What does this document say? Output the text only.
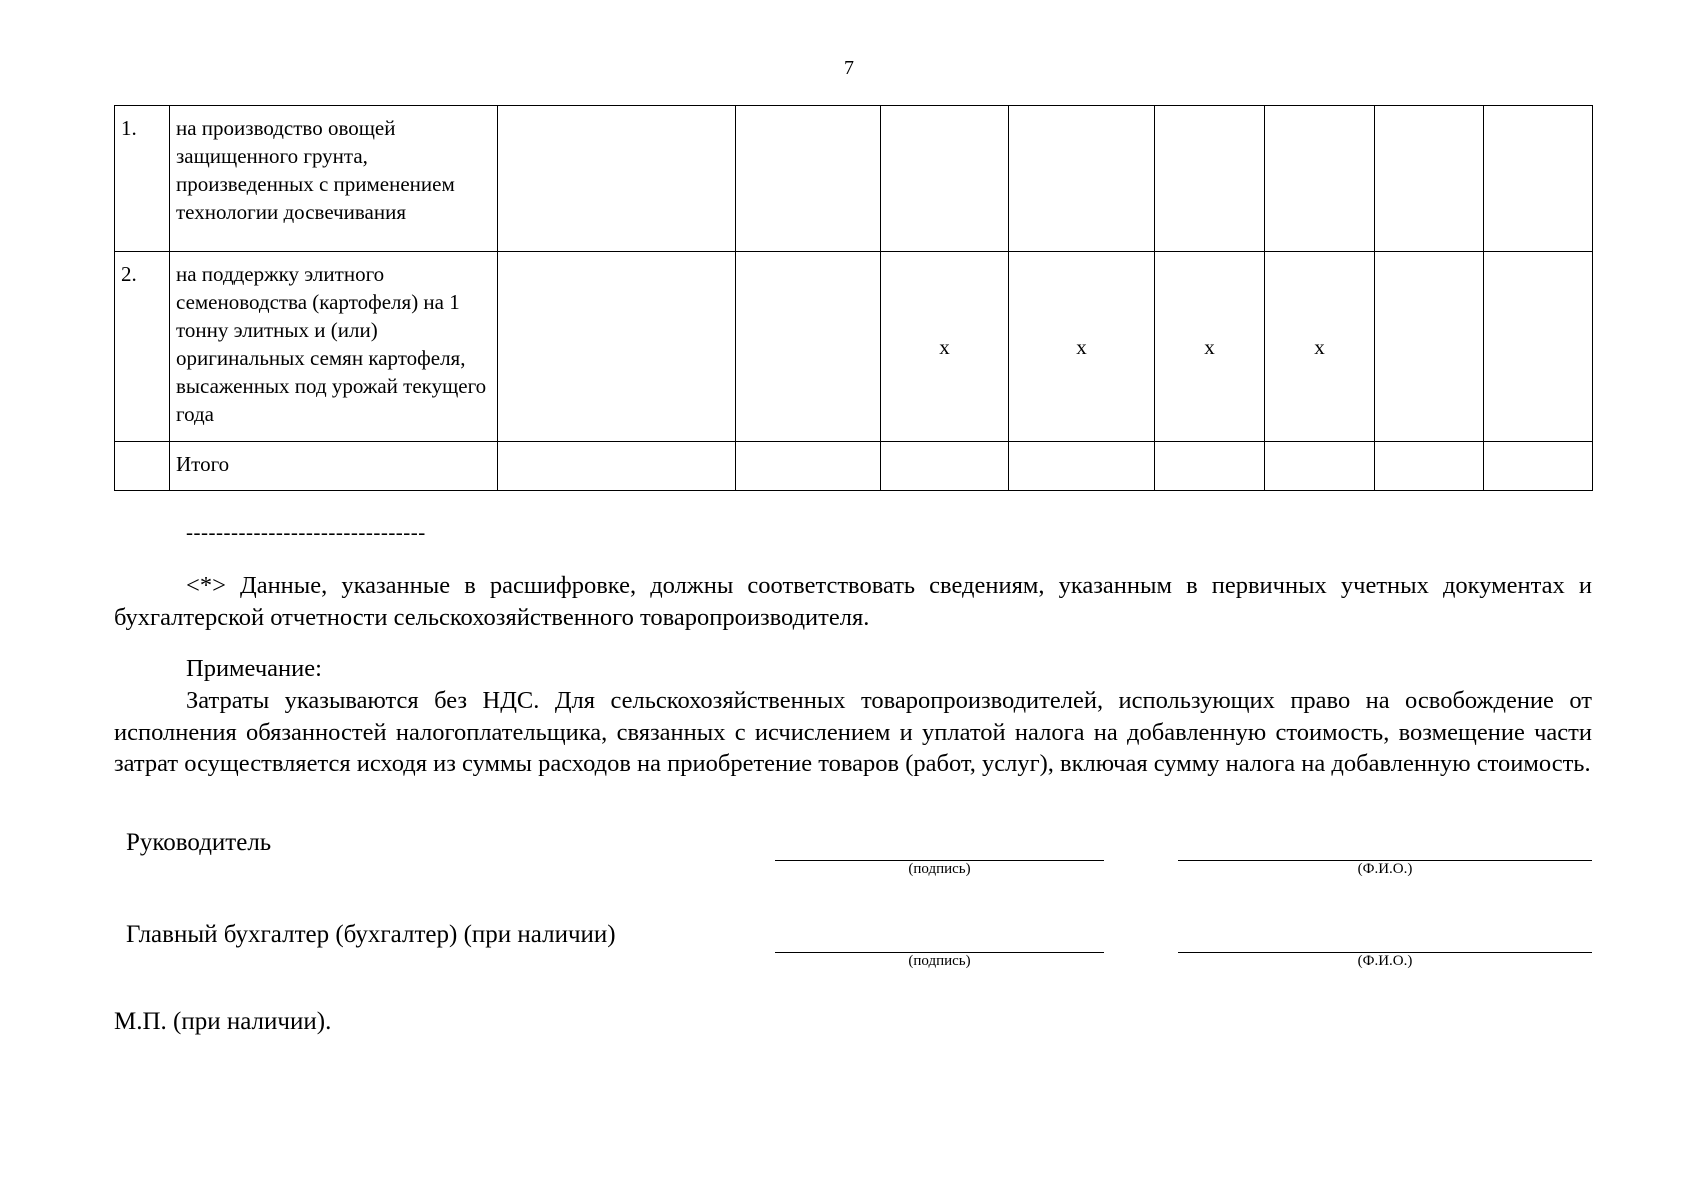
7
1.	на производство овощей защищенного грунта, произведенных с применением технологии досвечивания								
2.	на поддержку элитного семеноводства (картофеля) на 1 тонну элитных и (или) оригинальных семян картофеля, высаженных под урожай текущего года			х	х	х	х		
	Итого								
--------------------------------
<*> Данные, указанные в расшифровке, должны соответствовать сведениям, указанным в первичных учетных документах и бухгалтерской отчетности сельскохозяйственного товаропроизводителя.
Примечание:
Затраты указываются без НДС. Для сельскохозяйственных товаропроизводителей, использующих право на освобождение от исполнения обязанностей налогоплательщика, связанных с исчислением и уплатой налога на добавленную стоимость, возмещение части затрат осуществляется исходя из суммы расходов на приобретение товаров (работ, услуг), включая сумму налога на добавленную стоимость.
Руководитель
(подпись)	(Ф.И.О.)
Главный бухгалтер (бухгалтер) (при наличии)
(подпись)	(Ф.И.О.)
М.П. (при наличии).
